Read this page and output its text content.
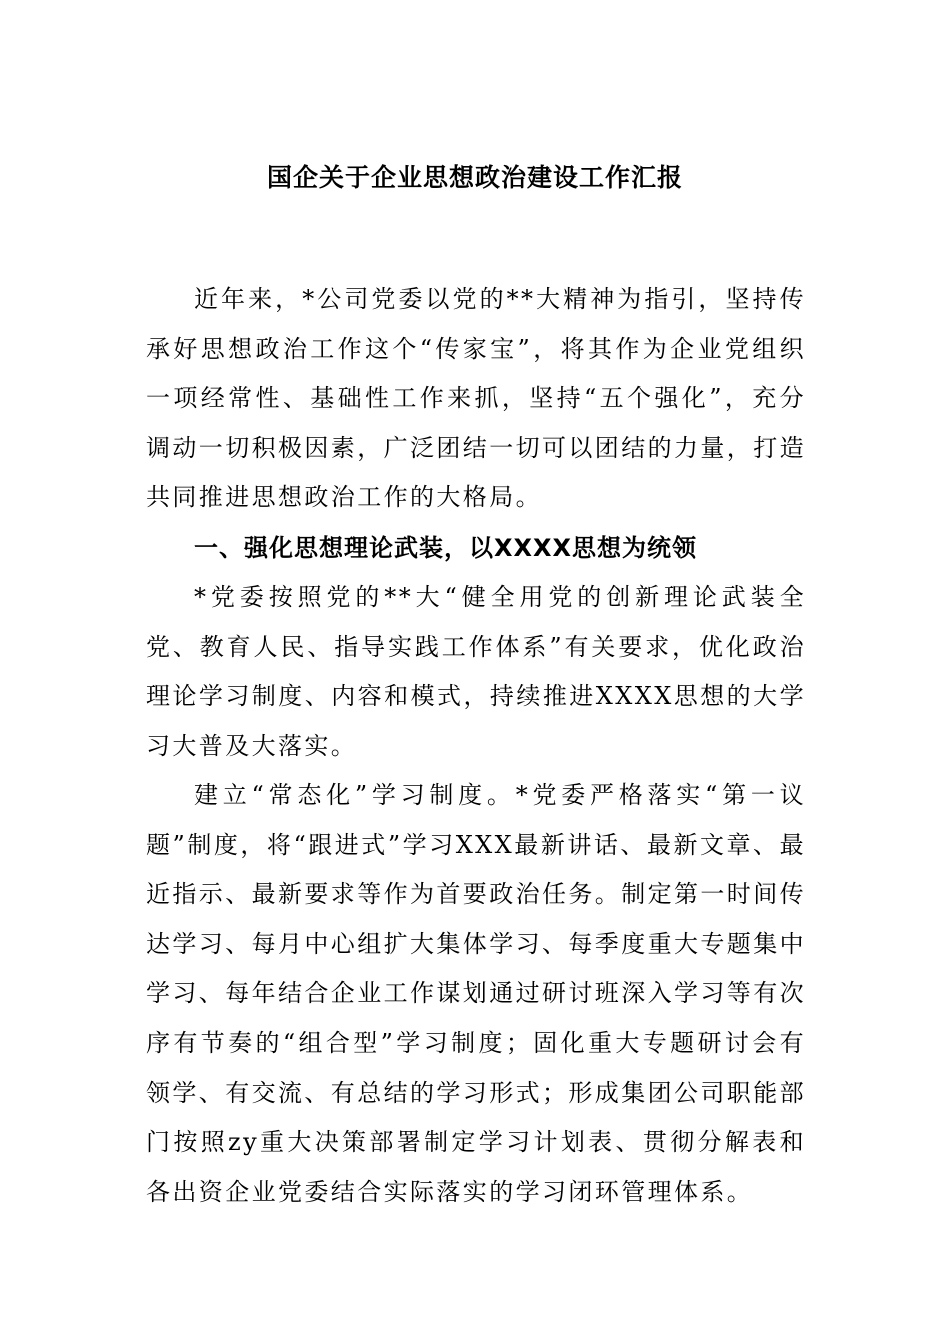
国企关于企业思想政治建设工作汇报

近年来，*公司党委以党的**大精神为指引，坚持传承好思想政治工作这个“传家宝”，将其作为企业党组织一项经常性、基础性工作来抓，坚持“五个强化”，充分调动一切积极因素，广泛团结一切可以团结的力量，打造共同推进思想政治工作的大格局。

一、强化思想理论武装，以XXXX思想为统领

*党委按照党的**大“健全用党的创新理论武装全党、教育人民、指导实践工作体系”有关要求，优化政治理论学习制度、内容和模式，持续推进XXXX思想的大学习大普及大落实。

建立“常态化”学习制度。*党委严格落实“第一议题”制度，将“跟进式”学习XXX最新讲话、最新文章、最近指示、最新要求等作为首要政治任务。制定第一时间传达学习、每月中心组扩大集体学习、每季度重大专题集中学习、每年结合企业工作谋划通过研讨班深入学习等有次序有节奏的“组合型”学习制度；固化重大专题研讨会有领学、有交流、有总结的学习形式；形成集团公司职能部门按照zy重大决策部署制定学习计划表、贯彻分解表和各出资企业党委结合实际落实的学习闭环管理体系。
